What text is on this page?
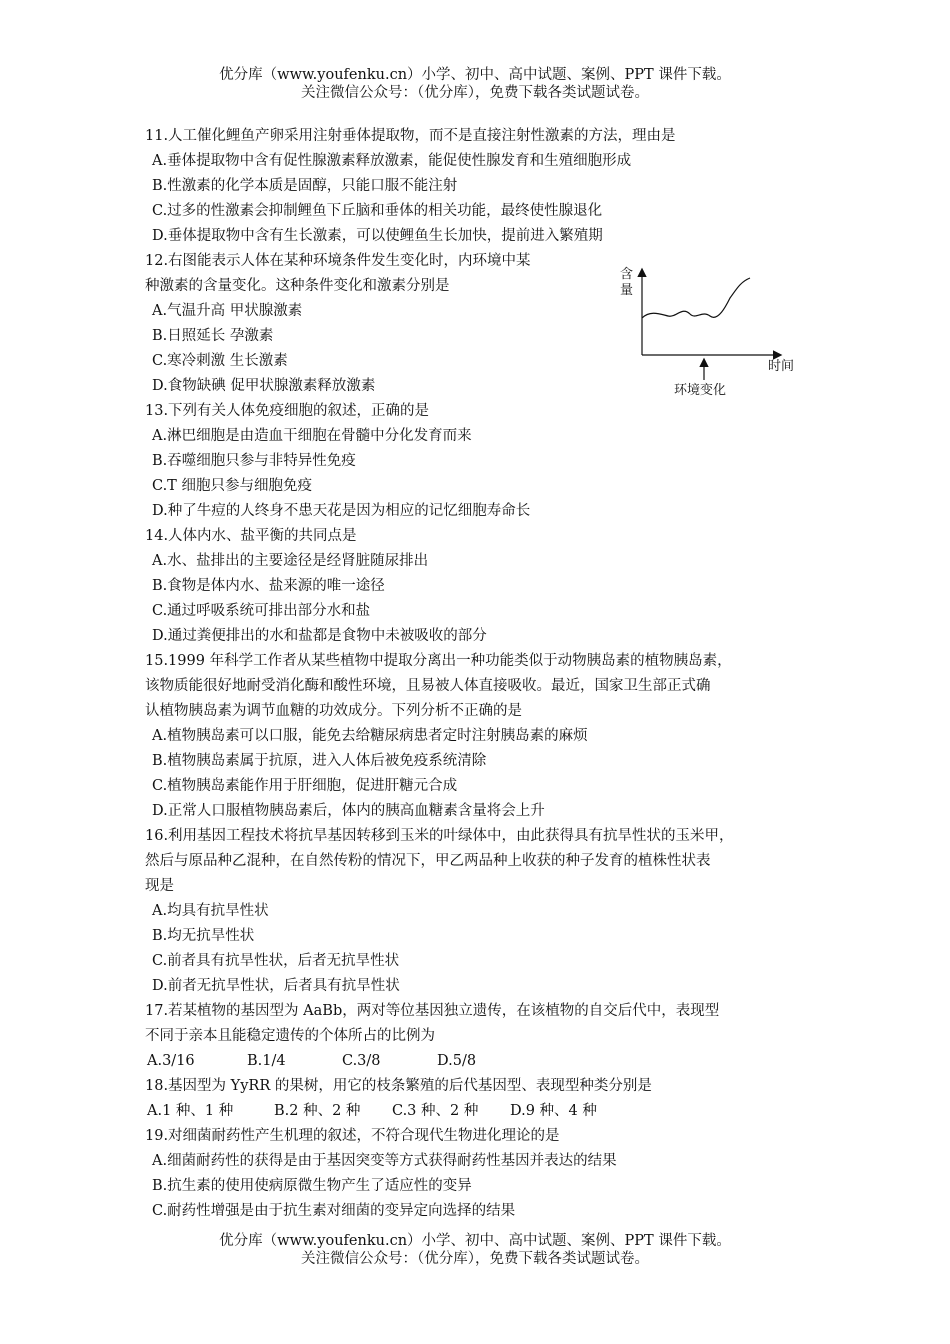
优分库（www.youfenku.cn）小学、初中、高中试题、案例、PPT 课件下载。
关注微信公众号：（优分库），免费下载各类试题试卷。
11.人工催化鲤鱼产卵采用注射垂体提取物，而不是直接注射性激素的方法，理由是
A.垂体提取物中含有促性腺激素释放激素，能促使性腺发育和生殖细胞形成
B.性激素的化学本质是固醇，只能口服不能注射
C.过多的性激素会抑制鲤鱼下丘脑和垂体的相关功能，最终使性腺退化
D.垂体提取物中含有生长激素，可以使鲤鱼生长加快，提前进入繁殖期
12.右图能表示人体在某种环境条件发生变化时，内环境中某
种激素的含量变化。这种条件变化和激素分别是
A.气温升高 甲状腺激素
B.日照延长 孕激素
C.寒冷刺激 生长激素
D.食物缺碘 促甲状腺激素释放激素
含
量
时间
环境变化
13.下列有关人体免疫细胞的叙述，正确的是
A.淋巴细胞是由造血干细胞在骨髓中分化发育而来
B.吞噬细胞只参与非特异性免疫
C.T 细胞只参与细胞免疫
D.种了牛痘的人终身不患天花是因为相应的记忆细胞寿命长
14.人体内水、盐平衡的共同点是
A.水、盐排出的主要途径是经肾脏随尿排出
B.食物是体内水、盐来源的唯一途径
C.通过呼吸系统可排出部分水和盐
D.通过粪便排出的水和盐都是食物中未被吸收的部分
15.1999 年科学工作者从某些植物中提取分离出一种功能类似于动物胰岛素的植物胰岛素，
该物质能很好地耐受消化酶和酸性环境，且易被人体直接吸收。最近，国家卫生部正式确
认植物胰岛素为调节血糖的功效成分。下列分析不正确的是
A.植物胰岛素可以口服，能免去给糖尿病患者定时注射胰岛素的麻烦
B.植物胰岛素属于抗原，进入人体后被免疫系统清除
C.植物胰岛素能作用于肝细胞，促进肝糖元合成
D.正常人口服植物胰岛素后，体内的胰高血糖素含量将会上升
16.利用基因工程技术将抗旱基因转移到玉米的叶绿体中，由此获得具有抗旱性状的玉米甲，
然后与原品种乙混种，在自然传粉的情况下，甲乙两品种上收获的种子发育的植株性状表
现是
A.均具有抗旱性状
B.均无抗旱性状
C.前者具有抗旱性状，后者无抗旱性状
D.前者无抗旱性状，后者具有抗旱性状
17.若某植物的基因型为 AaBb，两对等位基因独立遗传，在该植物的自交后代中，表现型
不同于亲本且能稳定遗传的个体所占的比例为
A.3/16	B.1/4	C.3/8	D.5/8
18.基因型为 YyRR 的果树，用它的枝条繁殖的后代基因型、表现型种类分别是
A.1 种、1 种	B.2 种、2 种 C.3 种、2 种 D.9 种、4 种
19.对细菌耐药性产生机理的叙述，不符合现代生物进化理论的是
A.细菌耐药性的获得是由于基因突变等方式获得耐药性基因并表达的结果
B.抗生素的使用使病原微生物产生了适应性的变异
C.耐药性增强是由于抗生素对细菌的变异定向选择的结果
优分库（www.youfenku.cn）小学、初中、高中试题、案例、PPT 课件下载。
关注微信公众号：（优分库），免费下载各类试题试卷。
